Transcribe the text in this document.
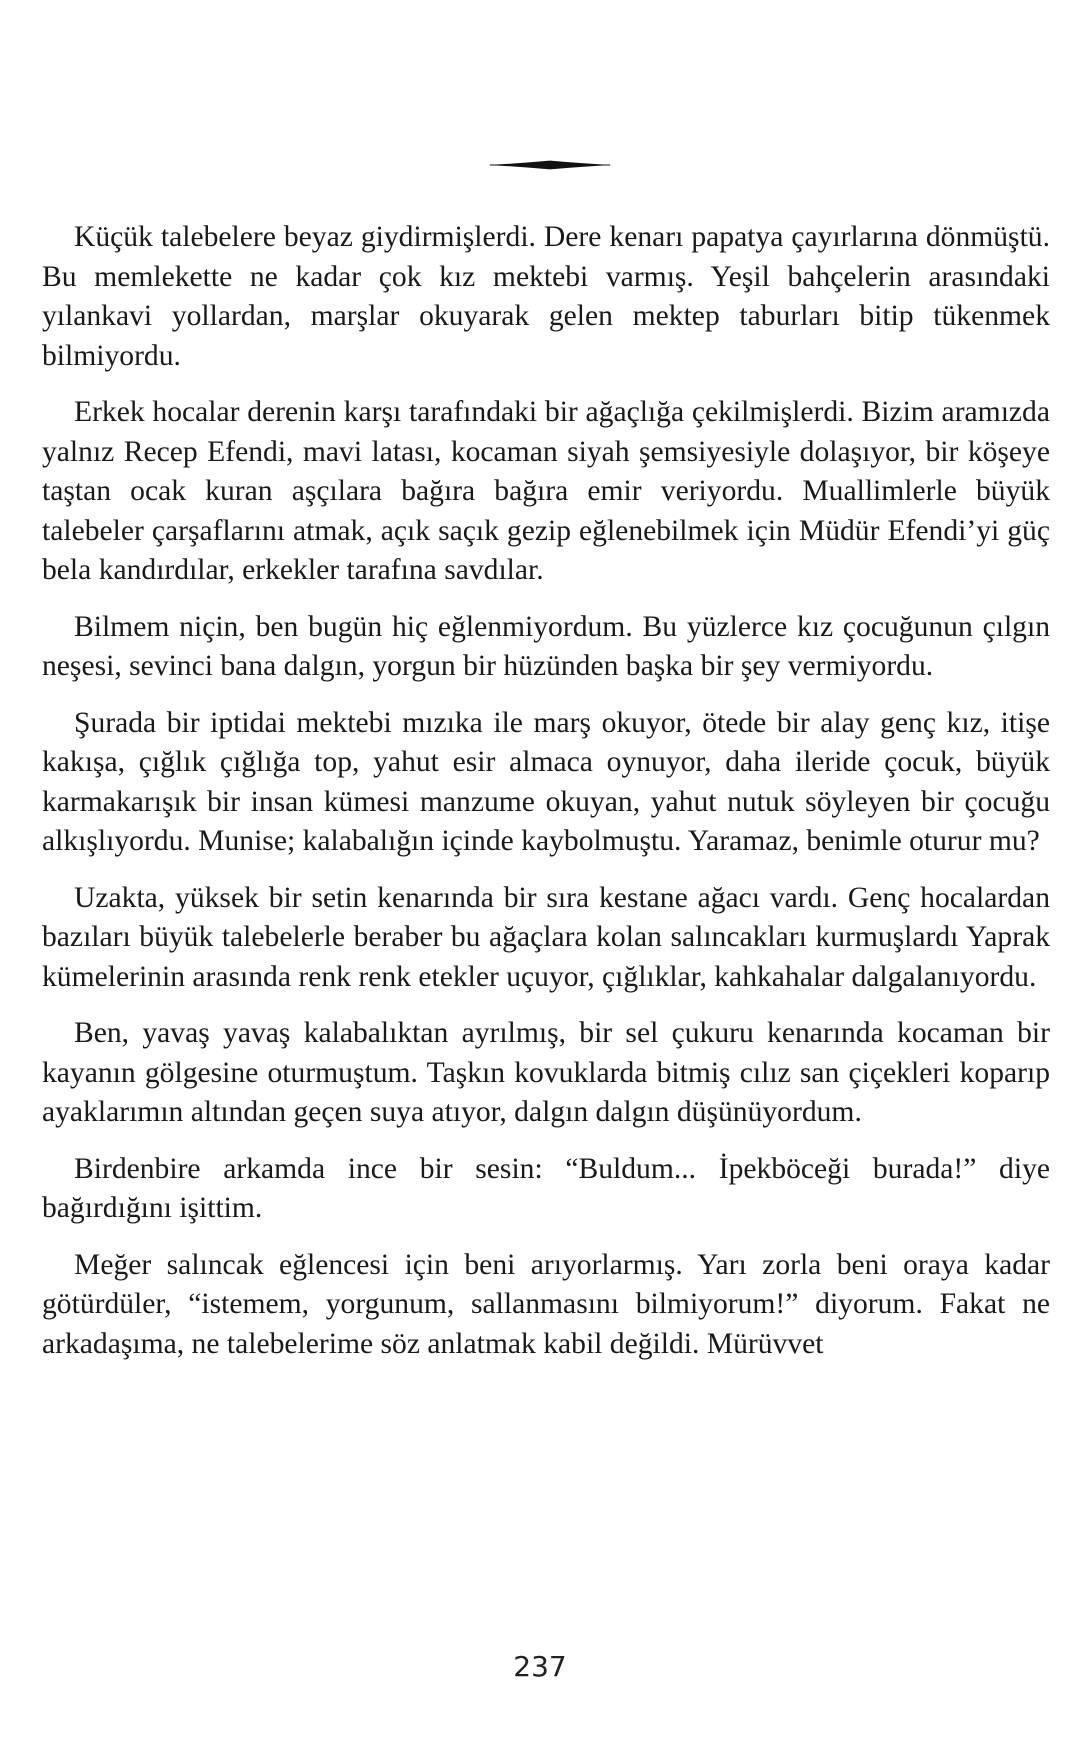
Küçük talebelere beyaz giydirmişlerdi. Dere kenarı papatya çayırlarına dönmüştü. Bu memlekette ne kadar çok kız mektebi varmış. Yeşil bahçelerin arasındaki yılankavi yollardan, marşlar okuyarak gelen mektep taburları bitip tükenmek bilmiyordu.

Erkek hocalar derenin karşı tarafındaki bir ağaçlığa çekilmişlerdi. Bizim aramızda yalnız Recep Efendi, mavi latası, kocaman siyah şemsiyesiyle dolaşıyor, bir köşeye taştan ocak kuran aşçılara bağıra bağıra emir veriyordu. Muallimlerle büyük talebeler çarşaflarını atmak, açık saçık gezip eğlenebilmek için Müdür Efendi’yi güç bela kandırdılar, erkekler tarafına savdılar.

Bilmem niçin, ben bugün hiç eğlenmiyordum. Bu yüzlerce kız çocuğunun çılgın neşesi, sevinci bana dalgın, yorgun bir hüzünden başka bir şey vermiyordu.

Şurada bir iptidai mektebi mızıka ile marş okuyor, ötede bir alay genç kız, itişe kakışa, çığlık çığlığa top, yahut esir almaca oynuyor, daha ileride çocuk, büyük karmakarışık bir insan kümesi manzume okuyan, yahut nutuk söyleyen bir çocuğu alkışlıyordu. Munise; kalabalığın içinde kaybolmuştu. Yaramaz, benimle oturur mu?

Uzakta, yüksek bir setin kenarında bir sıra kestane ağacı vardı. Genç hocalardan bazıları büyük talebelerle beraber bu ağaçlara kolan salıncakları kurmuşlardı Yaprak kümelerinin arasında renk renk etekler uçuyor, çığlıklar, kahkahalar dalgalanıyordu.

Ben, yavaş yavaş kalabalıktan ayrılmış, bir sel çukuru kenarında kocaman bir kayanın gölgesine oturmuştum. Taşkın kovuklarda bitmiş cılız san çiçekleri koparıp ayaklarımın altından geçen suya atıyor, dalgın dalgın düşünüyordum.

Birdenbire arkamda ince bir sesin: “Buldum... İpekböceği burada!” diye bağırdığını işittim.

Meğer salıncak eğlencesi için beni arıyorlarmış. Yarı zorla beni oraya kadar götürdüler, “istemem, yorgunum, sallanmasını bilmiyorum!” diyorum. Fakat ne arkadaşıma, ne talebelerime söz anlatmak kabil değildi. Mürüvvet

237
